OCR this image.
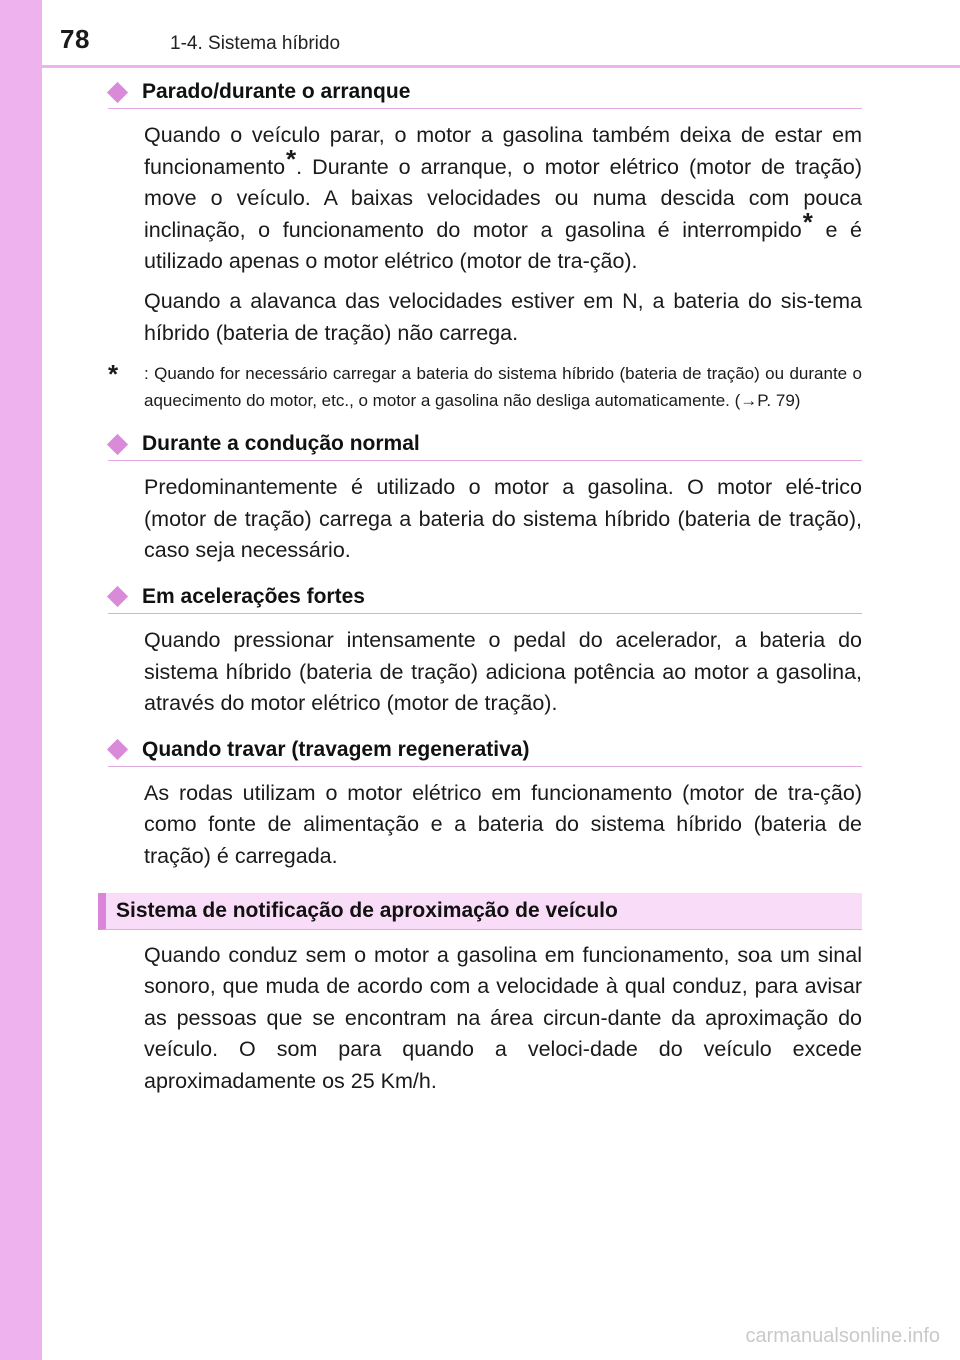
78	1-4. Sistema híbrido
Parado/durante o arranque

Quando o veículo parar, o motor a gasolina também deixa de estar em funcionamento*. Durante o arranque, o motor elétrico (motor de tração) move o veículo. A baixas velocidades ou numa descida com pouca inclinação, o funcionamento do motor a gasolina é interrompido* e é utilizado apenas o motor elétrico (motor de tra-ção).

Quando a alavanca das velocidades estiver em N, a bateria do sis-tema híbrido (bateria de tração) não carrega.

*	: Quando for necessário carregar a bateria do sistema híbrido (bateria de tração) ou durante o aquecimento do motor, etc., o motor a gasolina não desliga automaticamente. (→P. 79)
Durante a condução normal

Predominantemente é utilizado o motor a gasolina. O motor elé-trico (motor de tração) carrega a bateria do sistema híbrido (bateria de tração), caso seja necessário.

Em acelerações fortes

Quando pressionar intensamente o pedal do acelerador, a bateria do sistema híbrido (bateria de tração) adiciona potência ao motor a gasolina, através do motor elétrico (motor de tração).

Quando travar (travagem regenerativa)

As rodas utilizam o motor elétrico em funcionamento (motor de tra-ção) como fonte de alimentação e a bateria do sistema híbrido (bateria de tração) é carregada.

Sistema de notificação de aproximação de veículo

Quando conduz sem o motor a gasolina em funcionamento, soa um sinal sonoro, que muda de acordo com a velocidade à qual conduz, para avisar as pessoas que se encontram na área circun-dante da aproximação do veículo. O som para quando a veloci-dade do veículo excede aproximadamente os 25 Km/h.

carmanualsonline.info
